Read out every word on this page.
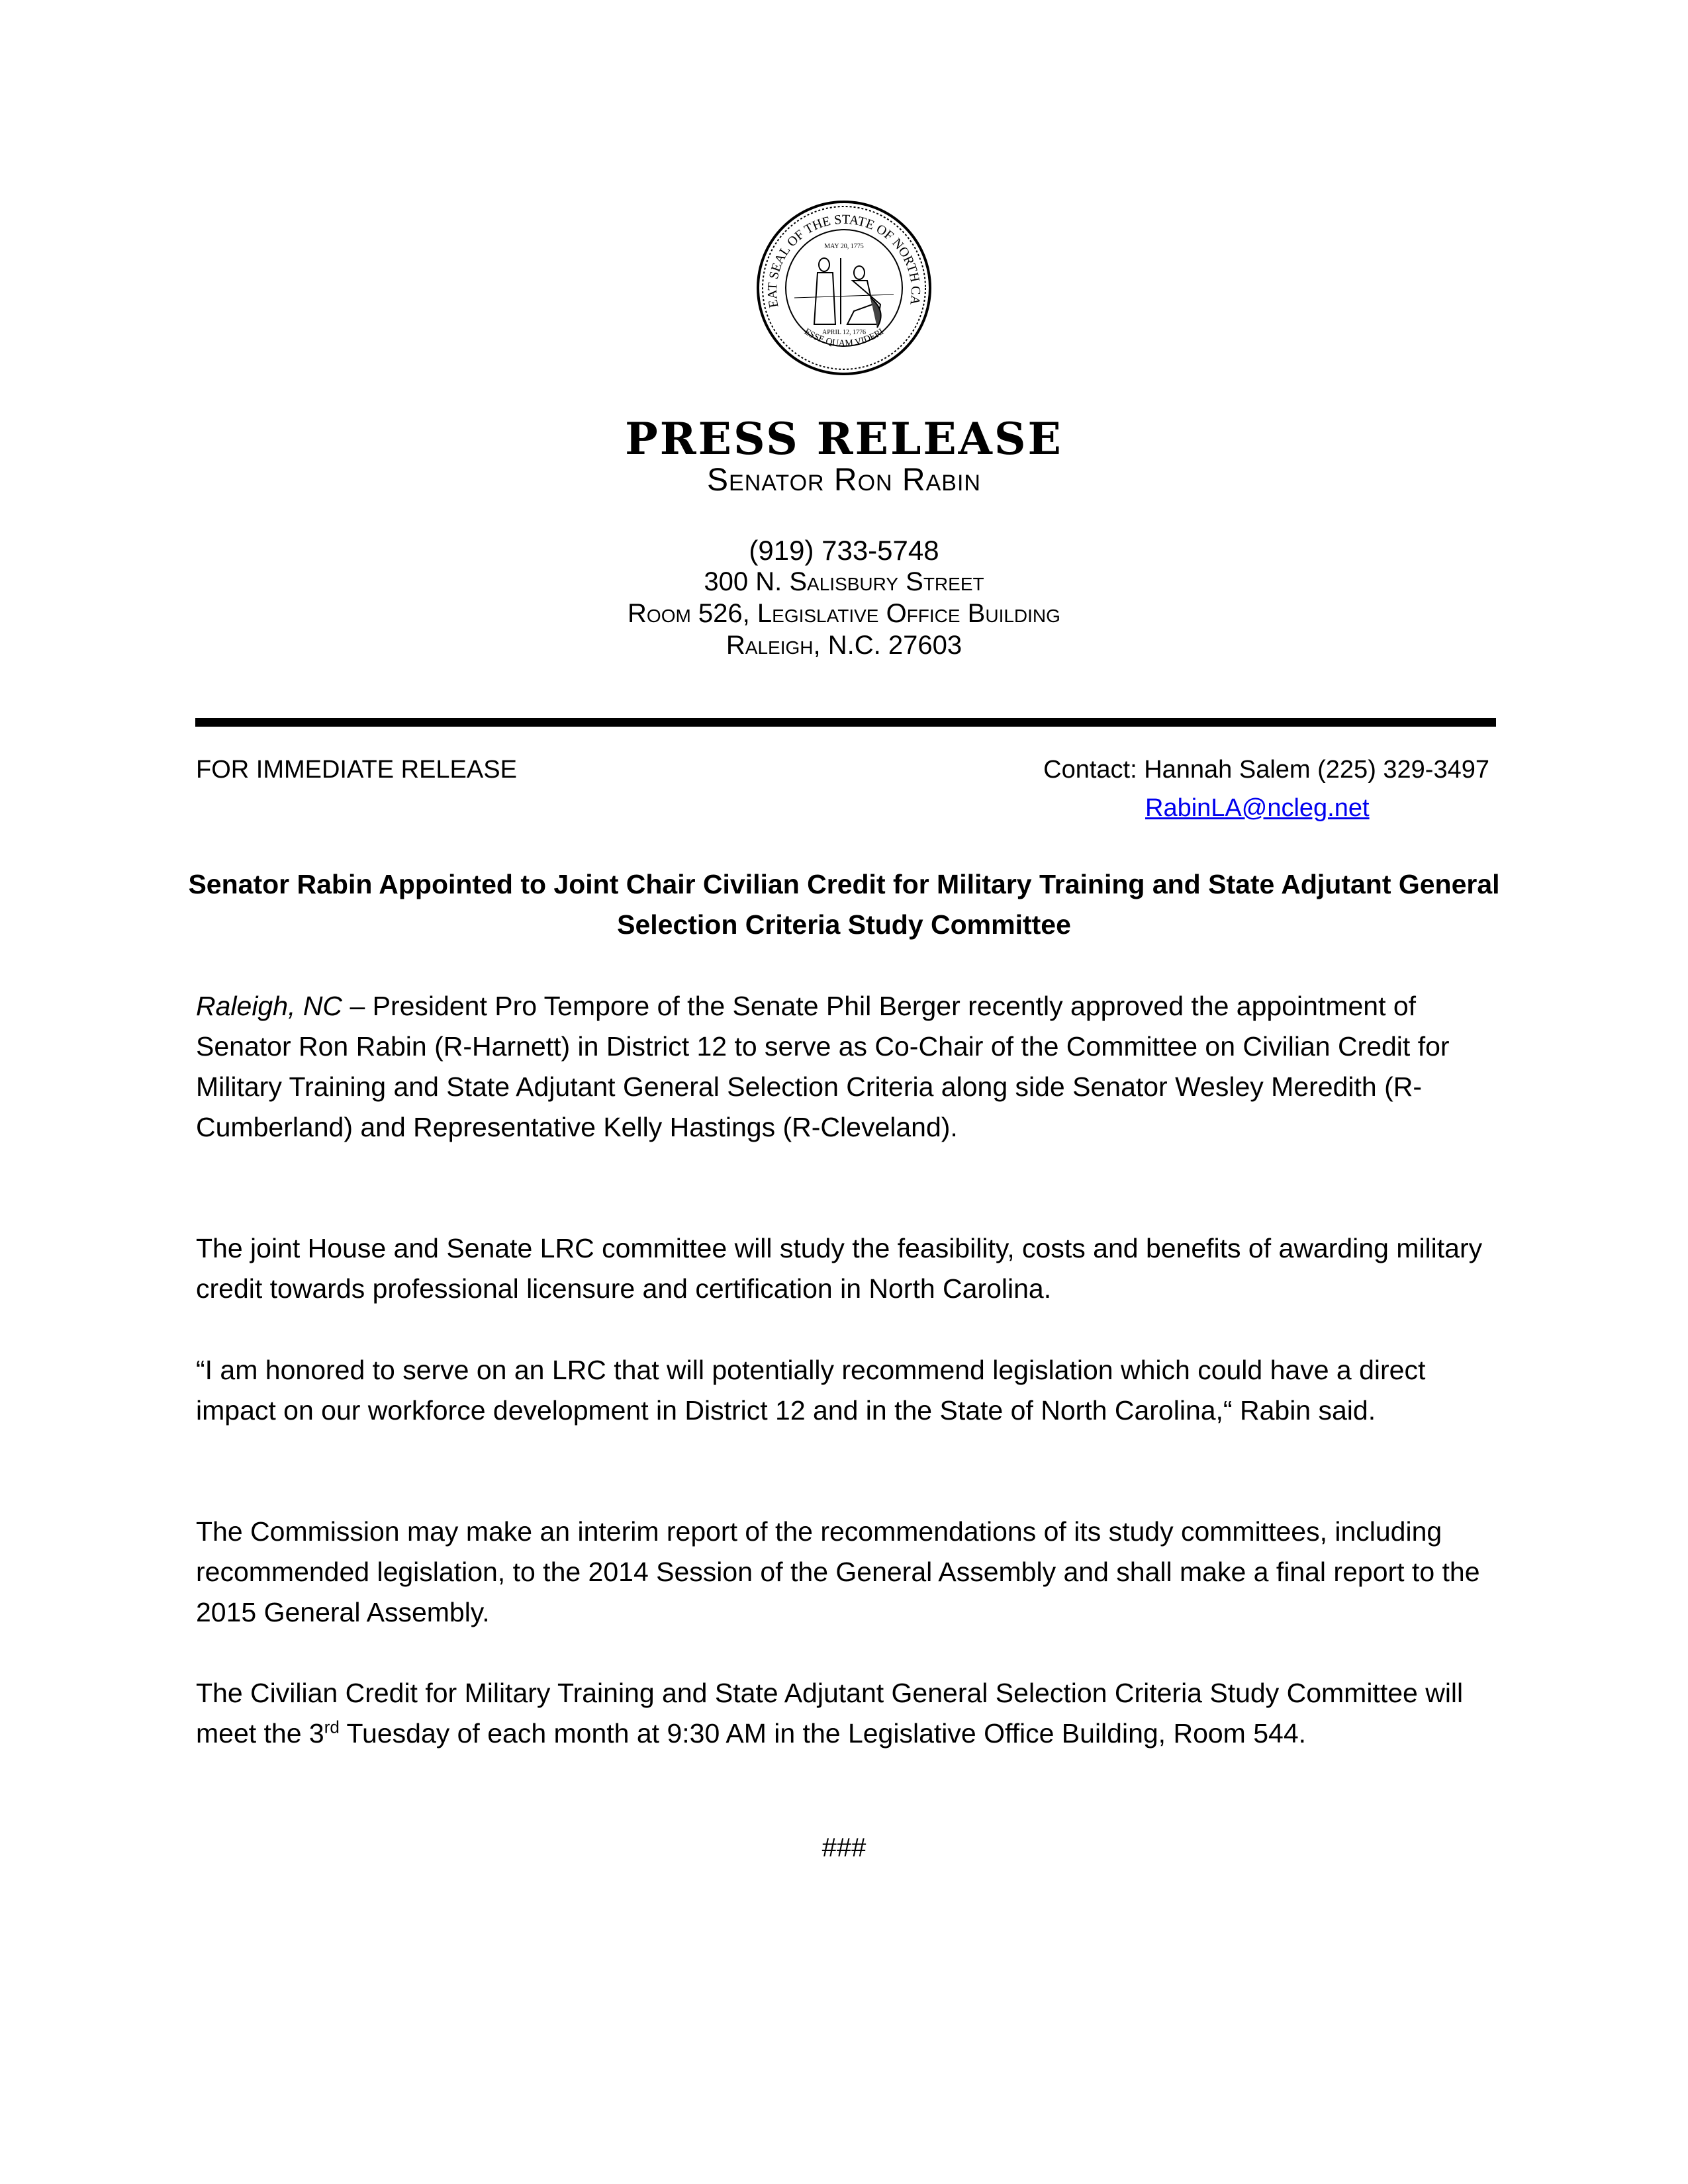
EAT SEAL OF THE STATE OF NORTH CA
ESSE QUAM VIDERI
MAY 20, 1775
APRIL 12, 1776
PRESS RELEASE
Senator Ron Rabin
(919) 733-5748
300 N. Salisbury Street
Room 526, Legislative Office Building
Raleigh, N.C. 27603
FOR IMMEDIATE RELEASE	Contact: Hannah Salem (225) 329-3497
RabinLA@ncleg.net
Senator Rabin Appointed to Joint Chair Civilian Credit for Military Training and State Adjutant General Selection Criteria Study Committee
Raleigh, NC – President Pro Tempore of the Senate Phil Berger recently approved the appointment of Senator Ron Rabin (R-Harnett) in District 12 to serve as Co-Chair of the Committee on Civilian Credit for Military Training and State Adjutant General Selection Criteria along side Senator Wesley Meredith (R-Cumberland) and Representative Kelly Hastings (R-Cleveland).
The joint House and Senate LRC committee will study the feasibility, costs and benefits of awarding military credit towards professional licensure and certification in North Carolina.
“I am honored to serve on an LRC that will potentially recommend legislation which could have a direct impact on our workforce development in District 12 and in the State of North Carolina,“ Rabin said.
The Commission may make an interim report of the recommendations of its study committees, including recommended legislation, to the 2014 Session of the General Assembly and shall make a final report to the 2015 General Assembly.
The Civilian Credit for Military Training and State Adjutant General Selection Criteria Study Committee will meet the 3rd Tuesday of each month at 9:30 AM in the Legislative Office Building, Room 544.
###
